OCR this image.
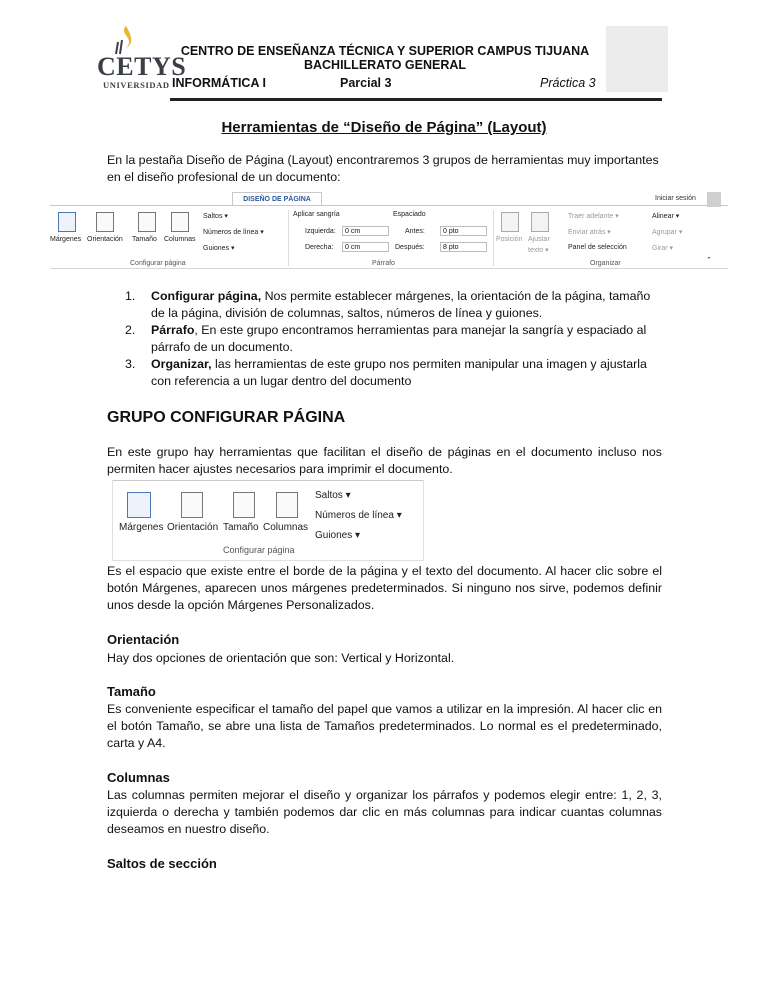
CETYS
UNIVERSIDAD
CENTRO DE ENSEÑANZA TÉCNICA Y SUPERIOR CAMPUS TIJUANA
BACHILLERATO GENERAL
INFORMÁTICA I	Parcial 3	Práctica 3
Herramientas de “Diseño de Página” (Layout)
En la pestaña Diseño de Página (Layout) encontraremos 3 grupos de herramientas muy importantes en el diseño profesional de un documento:
DISEÑO DE PÁGINA	Iniciar sesión
Márgenes Orientación Tamaño Columnas
Saltos ▾
Números de línea ▾
Guiones ▾
Configurar página
Aplicar sangría	Espaciado
Izquierda:	0 cm
Derecha:	0 cm
Antes:	0 pto
Después:	8 pto
Párrafo
Posición Ajustar
texto ▾
Traer adelante ▾
Enviar atrás ▾
Panel de selección
Alinear ▾
Agrupar ▾
Girar ▾
Organizar	⌃
1. Configurar página, Nos permite establecer márgenes, la orientación de la página, tamaño de la página, división de columnas, saltos, números de línea y guiones.
2. Párrafo, En este grupo encontramos herramientas para manejar la sangría y espaciado al párrafo de un documento.
3. Organizar, las herramientas de este grupo nos permiten manipular una imagen y ajustarla con referencia a un lugar dentro del documento
GRUPO CONFIGURAR PÁGINA
En este grupo hay herramientas que facilitan el diseño de páginas en el documento incluso nos permiten hacer ajustes necesarios para imprimir el documento.
Márgenes Orientación Tamaño Columnas
Saltos ▾
Números de línea ▾
Guiones ▾
Configurar página
Es el espacio que existe entre el borde de la página y el texto del documento. Al hacer clic sobre el botón Márgenes, aparecen unos márgenes predeterminados. Si ninguno nos sirve, podemos definir unos desde la opción Márgenes Personalizados.
Orientación
Hay dos opciones de orientación que son: Vertical y Horizontal.
Tamaño
Es conveniente especificar el tamaño del papel que vamos a utilizar en la impresión. Al hacer clic en el botón Tamaño, se abre una lista de Tamaños predeterminados. Lo normal es el predeterminado, carta y A4.
Columnas
Las columnas permiten mejorar el diseño y organizar los párrafos y podemos elegir entre: 1, 2, 3, izquierda o derecha y también podemos dar clic en más columnas para indicar cuantas columnas deseamos en nuestro diseño.
Saltos de sección
